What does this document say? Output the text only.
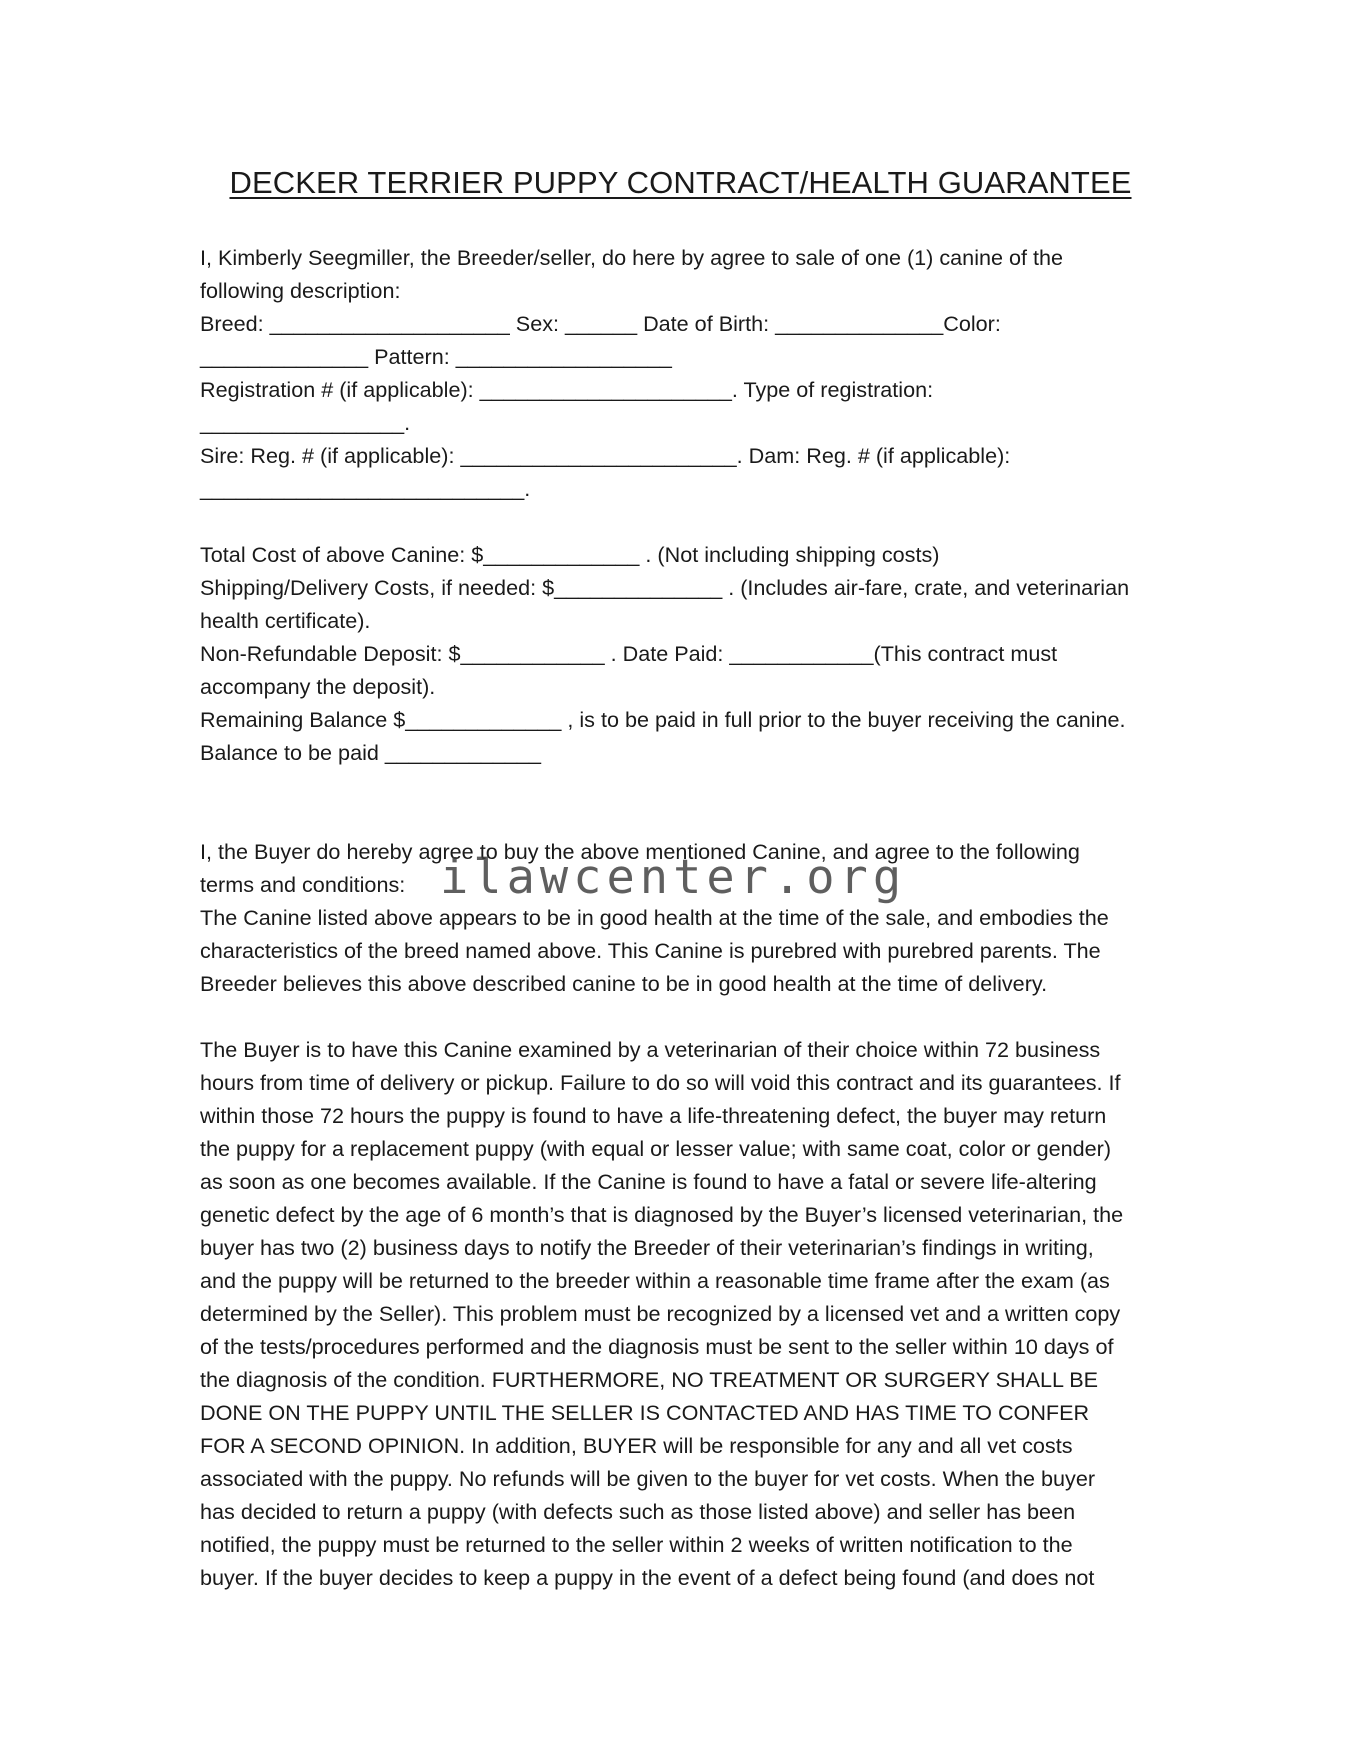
DECKER TERRIER PUPPY CONTRACT/HEALTH GUARANTEE
I, Kimberly Seegmiller, the Breeder/seller, do here by agree to sale of one (1) canine of the
following description:
Breed: ____________________ Sex: ______ Date of Birth: ______________Color:
______________ Pattern: __________________
Registration # (if applicable): _____________________. Type of registration:
_________________.
Sire: Reg. # (if applicable): _______________________. Dam: Reg. # (if applicable):
___________________________.
Total Cost of above Canine: $_____________ . (Not including shipping costs)
Shipping/Delivery Costs, if needed: $______________ . (Includes air-fare, crate, and veterinarian
health certificate).
Non-Refundable Deposit: $____________ . Date Paid: ____________(This contract must
accompany the deposit).
Remaining Balance $_____________ , is to be paid in full prior to the buyer receiving the canine.
Balance to be paid _____________
I, the Buyer do hereby agree to buy the above mentioned Canine, and agree to the following
terms and conditions:
The Canine listed above appears to be in good health at the time of the sale, and embodies the
characteristics of the breed named above. This Canine is purebred with purebred parents. The
Breeder believes this above described canine to be in good health at the time of delivery.
The Buyer is to have this Canine examined by a veterinarian of their choice within 72 business
hours from time of delivery or pickup. Failure to do so will void this contract and its guarantees. If
within those 72 hours the puppy is found to have a life-threatening defect, the buyer may return
the puppy for a replacement puppy (with equal or lesser value; with same coat, color or gender)
as soon as one becomes available. If the Canine is found to have a fatal or severe life-altering
genetic defect by the age of 6 month’s that is diagnosed by the Buyer’s licensed veterinarian, the
buyer has two (2) business days to notify the Breeder of their veterinarian’s findings in writing,
and the puppy will be returned to the breeder within a reasonable time frame after the exam (as
determined by the Seller). This problem must be recognized by a licensed vet and a written copy
of the tests/procedures performed and the diagnosis must be sent to the seller within 10 days of
the diagnosis of the condition. FURTHERMORE, NO TREATMENT OR SURGERY SHALL BE
DONE ON THE PUPPY UNTIL THE SELLER IS CONTACTED AND HAS TIME TO CONFER
FOR A SECOND OPINION. In addition, BUYER will be responsible for any and all vet costs
associated with the puppy. No refunds will be given to the buyer for vet costs. When the buyer
has decided to return a puppy (with defects such as those listed above) and seller has been
notified, the puppy must be returned to the seller within 2 weeks of written notification to the
buyer. If the buyer decides to keep a puppy in the event of a defect being found (and does not
ilawcenter.org
